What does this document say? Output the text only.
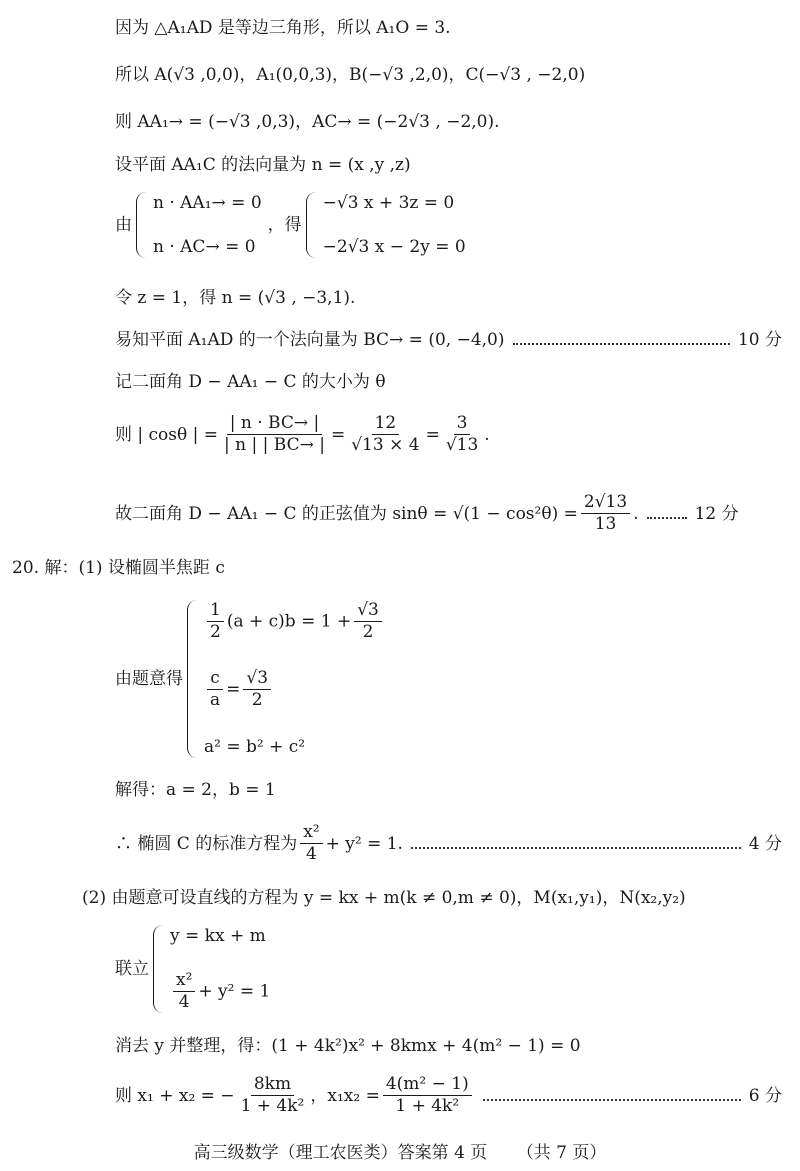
因为 △A₁AD 是等边三角形，所以 A₁O = 3.
所以 A(√3 ,0,0)，A₁(0,0,3)，B(−√3 ,2,0)，C(−√3 , −2,0)
则 AA₁→ = (−√3 ,0,3)，AC→ = (−2√3 , −2,0).
设平面 AA₁C 的法向量为 n = (x ,y ,z)
由
n · AA₁→ = 0
n · AC→ = 0
，得
−√3 x + 3z = 0
−2√3 x − 2y = 0
令 z = 1，得 n = (√3 , −3,1).
易知平面 A₁AD 的一个法向量为 BC→ = (0, −4,0)	10 分
记二面角 D − AA₁ − C 的大小为 θ
则 | cosθ | = $\frac{| n \cdot BC\to |}{| n | | BC\to |} = \frac{12}{√13 \times 4} = \frac{3}{√13}$ .
故二面角 D − AA₁ − C 的正弦值为 $\sin\theta = √(1 - \cos^2\theta) = \frac{2√13}{13}$ .	12 分
20. 解：(1) 设椭圆半焦距 c
由题意得
$\frac{1}{2} (a + c)b = 1 + \frac{√3}{2}$
$\frac{c}{a} = \frac{√3}{2}$
a² = b² + c²
解得：a = 2，b = 1
∴ 椭圆 C 的标准方程为 $\frac{\text{x²}}{4} + y^2 = 1$.	4 分
(2) 由题意可设直线的方程为 y = kx + m(k ≠ 0,m ≠ 0)，M(x₁,y₁)，N(x₂,y₂)
联立
y = kx + m
$\frac{\text{x²}}{4} + y^2 = 1$
消去 y 并整理，得：(1 + 4k²)x² + 8kmx + 4(m² − 1) = 0
则 x₁ + x₂ = − $\frac{8km}{\text{1 + 4k²}}$ ，$x_1x_2 = \frac{\text{4(m² − 1)}}{\text{1 + 4k²}}$	6 分
高三级数学（理工农医类）答案第 4 页 （共 7 页）
